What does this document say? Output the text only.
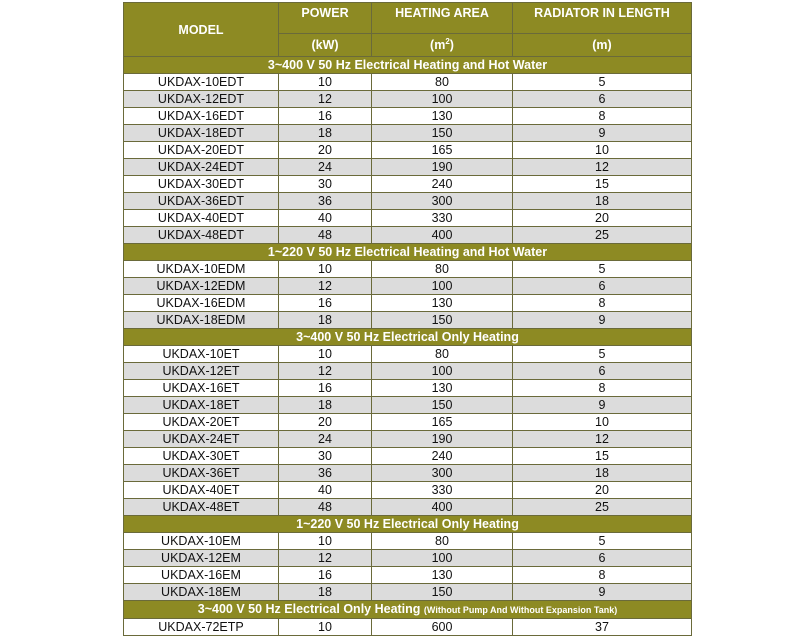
MODEL	POWER	HEATING AREA	RADIATOR IN LENGTH
	(kW)	$(m^2)$	(m)
3~400 V 50 Hz Electrical Heating and Hot Water			
UKDAX-10EDT	10	80	5
UKDAX-12EDT	12	100	6
UKDAX-16EDT	16	130	8
UKDAX-18EDT	18	150	9
UKDAX-20EDT	20	165	10
UKDAX-24EDT	24	190	12
UKDAX-30EDT	30	240	15
UKDAX-36EDT	36	300	18
UKDAX-40EDT	40	330	20
UKDAX-48EDT	48	400	25
1~220 V 50 Hz Electrical Heating and Hot Water			
UKDAX-10EDM	10	80	5
UKDAX-12EDM	12	100	6
UKDAX-16EDM	16	130	8
UKDAX-18EDM	18	150	9
3~400 V 50 Hz Electrical Only Heating			
UKDAX-10ET	10	80	5
UKDAX-12ET	12	100	6
UKDAX-16ET	16	130	8
UKDAX-18ET	18	150	9
UKDAX-20ET	20	165	10
UKDAX-24ET	24	190	12
UKDAX-30ET	30	240	15
UKDAX-36ET	36	300	18
UKDAX-40ET	40	330	20
UKDAX-48ET	48	400	25
1~220 V 50 Hz Electrical Only Heating			
UKDAX-10EM	10	80	5
UKDAX-12EM	12	100	6
UKDAX-16EM	16	130	8
UKDAX-18EM	18	150	9
3~400 V 50 Hz Electrical Only Heating (Without Pump And Without Expansion Tank)			
UKDAX-72ETP	10	600	37
